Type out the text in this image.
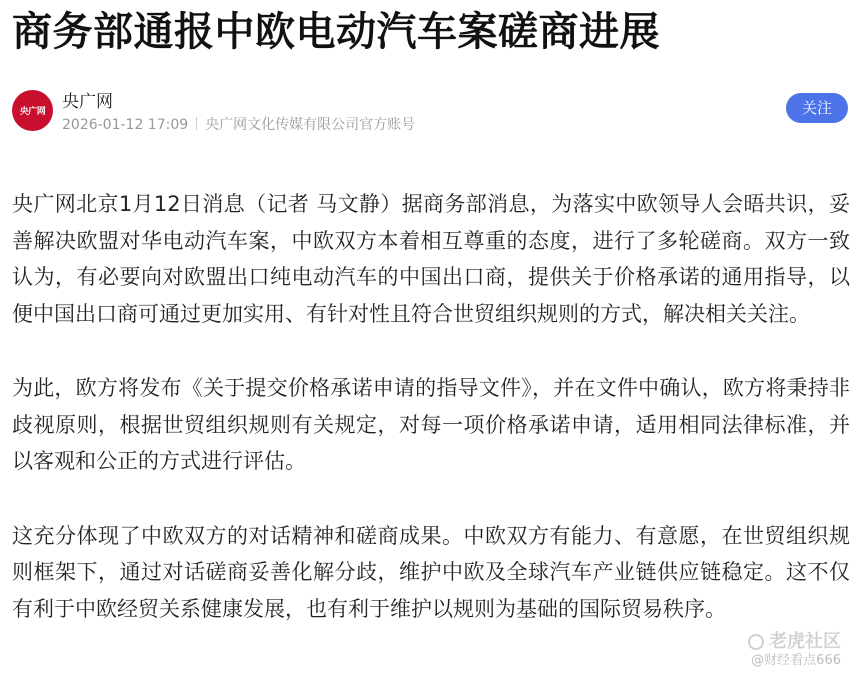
商务部通报中欧电动汽车案磋商进展
央广网 央广网
2026-01-12 17:09 央广网文化传媒有限公司官方账号
关注

央广网北京1月12日消息（记者 马文静）据商务部消息，为落实中欧领导人会晤共识，妥善解决欧盟对华电动汽车案，中欧双方本着相互尊重的态度，进行了多轮磋商。双方一致认为，有必要向对欧盟出口纯电动汽车的中国出口商，提供关于价格承诺的通用指导，以便中国出口商可通过更加实用、有针对性且符合世贸组织规则的方式，解决相关关注。

为此，欧方将发布《关于提交价格承诺申请的指导文件》，并在文件中确认，欧方将秉持非歧视原则，根据世贸组织规则有关规定，对每一项价格承诺申请，适用相同法律标准，并以客观和公正的方式进行评估。

这充分体现了中欧双方的对话精神和磋商成果。中欧双方有能力、有意愿，在世贸组织规则框架下，通过对话磋商妥善化解分歧，维护中欧及全球汽车产业链供应链稳定。这不仅有利于中欧经贸关系健康发展，也有利于维护以规则为基础的国际贸易秩序。

老虎社区
@财经看点666
